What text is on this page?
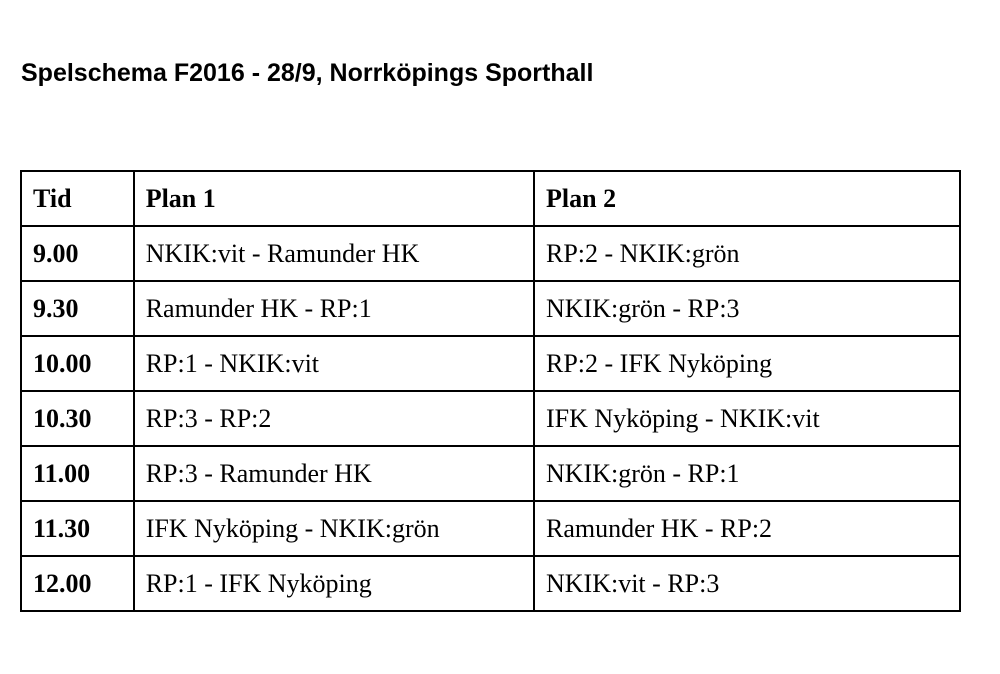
Spelschema F2016 - 28/9, Norrköpings Sporthall
Tid	Plan 1	Plan 2
9.00	NKIK:vit - Ramunder HK	RP:2 - NKIK:grön
9.30	Ramunder HK - RP:1	NKIK:grön - RP:3
10.00	RP:1 - NKIK:vit	RP:2 - IFK Nyköping
10.30	RP:3 - RP:2	IFK Nyköping - NKIK:vit
11.00	RP:3 - Ramunder HK	NKIK:grön - RP:1
11.30	IFK Nyköping - NKIK:grön	Ramunder HK - RP:2
12.00	RP:1 - IFK Nyköping	NKIK:vit - RP:3
